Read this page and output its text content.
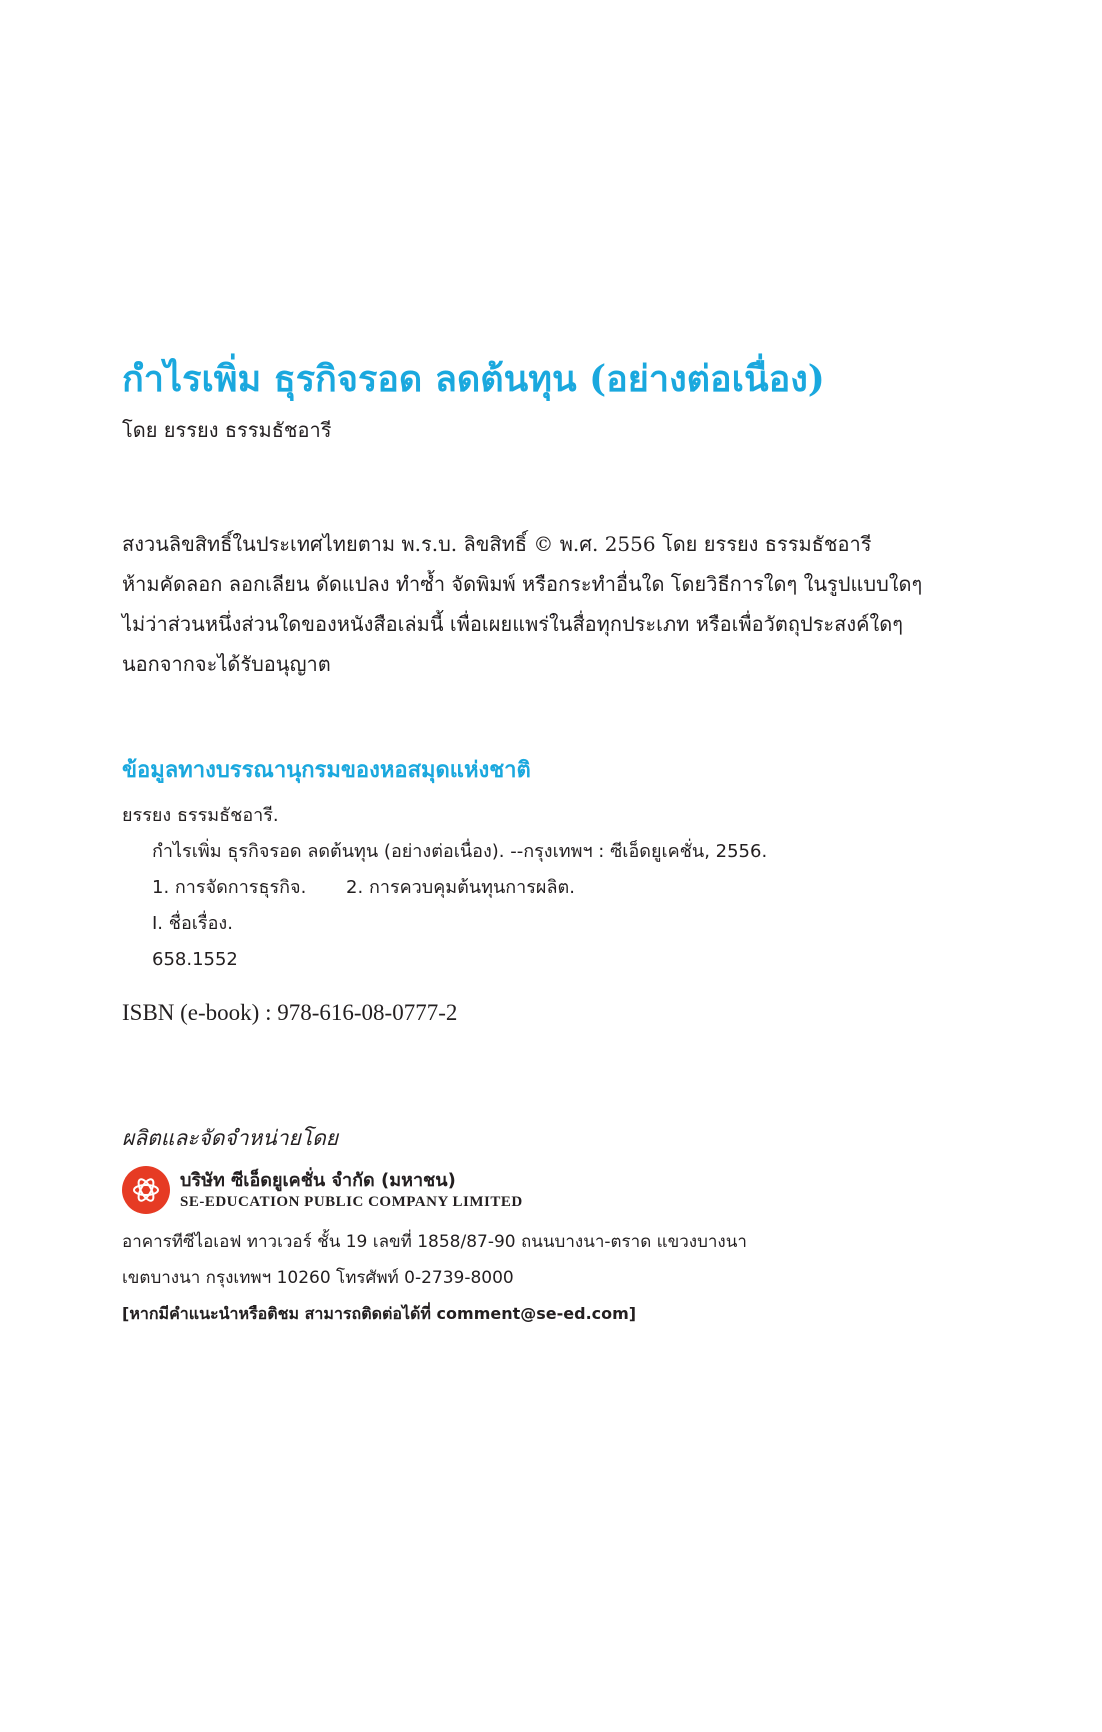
กำไรเพิ่ม ธุรกิจรอด ลดต้นทุน (อย่างต่อเนื่อง)
โดย ยรรยง ธรรมธัชอารี

สงวนลิขสิทธิ์ในประเทศไทยตาม พ.ร.บ. ลิขสิทธิ์ © พ.ศ. 2556 โดย ยรรยง ธรรมธัชอารี

ห้ามคัดลอก ลอกเลียน ดัดแปลง ทำซ้ำ จัดพิมพ์ หรือกระทำอื่นใด โดยวิธีการใดๆ ในรูปแบบใดๆ

ไม่ว่าส่วนหนึ่งส่วนใดของหนังสือเล่มนี้ เพื่อเผยแพร่ในสื่อทุกประเภท หรือเพื่อวัตถุประสงค์ใดๆ

นอกจากจะได้รับอนุญาต

ข้อมูลทางบรรณานุกรมของหอสมุดแห่งชาติ
ยรรยง ธรรมธัชอารี.
กำไรเพิ่ม ธุรกิจรอด ลดต้นทุน (อย่างต่อเนื่อง). --กรุงเทพฯ : ซีเอ็ดยูเคชั่น, 2556.
1. การจัดการธุรกิจ. 2. การควบคุมต้นทุนการผลิต.
I. ชื่อเรื่อง.
658.1552
ISBN (e-book) : 978-616-08-0777-2
ผลิตและจัดจำหน่ายโดย
บริษัท ซีเอ็ดยูเคชั่น จำกัด (มหาชน)
SE-EDUCATION PUBLIC COMPANY LIMITED

อาคารทีซีไอเอฟ ทาวเวอร์ ชั้น 19 เลขที่ 1858/87-90 ถนนบางนา-ตราด แขวงบางนา

เขตบางนา กรุงเทพฯ 10260 โทรศัพท์ 0-2739-8000

[หากมีคำแนะนำหรือติชม สามารถติดต่อได้ที่ comment@se-ed.com]
